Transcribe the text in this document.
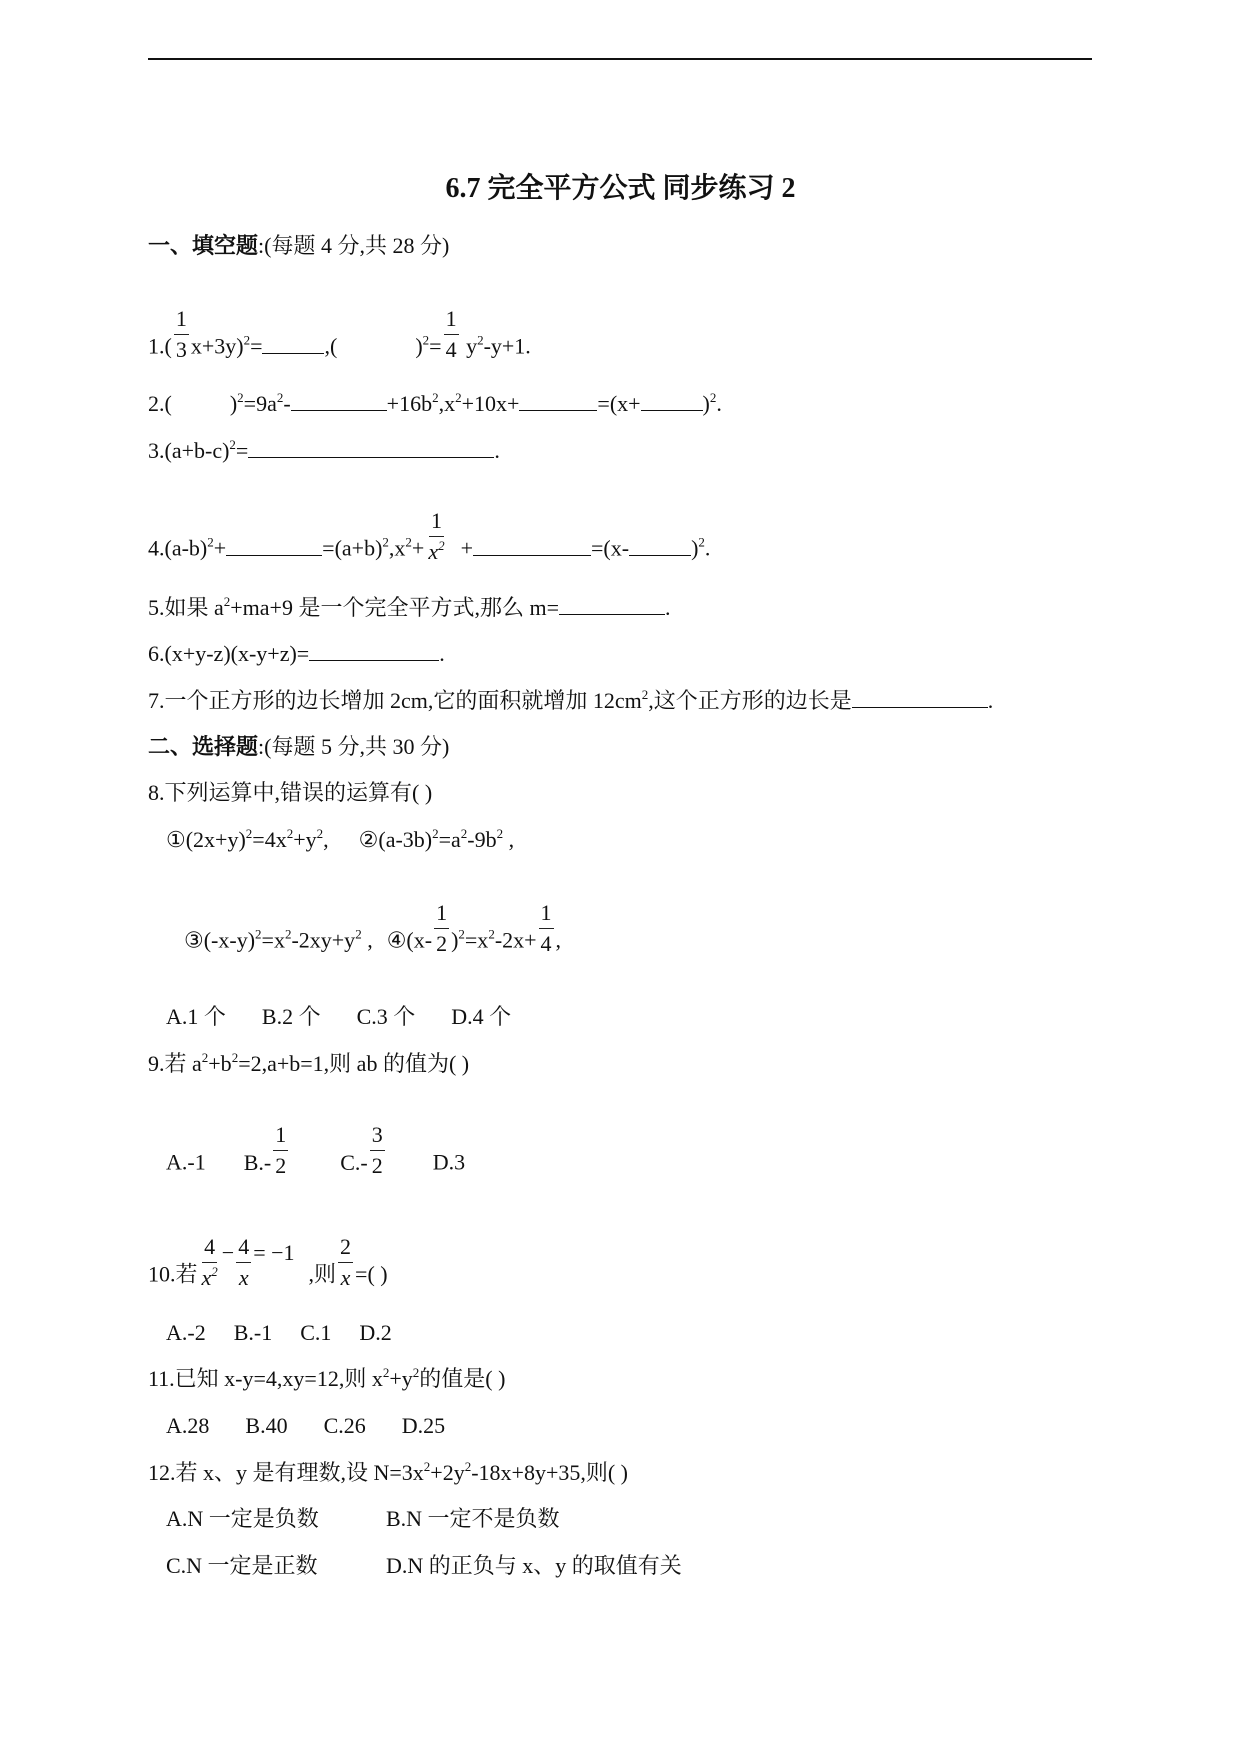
6.7 完全平方公式 同步练习 2
一、填空题:(每题 4 分,共 28 分)
$1.( \frac{1}{3} x+3y)^2=$	,(	)$^2= \frac{1}{4} y^2-y+1$.
2.(	)$^2=9a^2-$	$+16b^2,x^2+10x+$	=(x+	)$^2$.
$3.(a+b-c)^2=$	.
$4.(a-b)^2+$	$=(a+b)^2,x^2+ \frac{1}{x^2}$ +	=(x-	)$^2$.
5.如果 $a^2+ma+9$ 是一个完全平方式,那么 m=	.
6.(x+y-z)(x-y+z)=	.
7.一个正方形的边长增加 2cm,它的面积就增加 $12cm^2$,这个正方形的边长是	.
二、选择题:(每题 5 分,共 30 分)
8.下列运算中,错误的运算有( )
$①(2x+y)^2=4x^2+y^2$, $②(a-3b)^2=a^2-9b^2$ ,
$③(-x-y)^2=x^2-2xy+y^2$ , ④(x- $\frac{1}{2} )^2=x^2-2x+ \frac{1}{4}$ ,
A.1 个 B.2 个 C.3 个 D.4 个
9.若 $a^2+b^2=2,a+b=1$,则 ab 的值为( )
A.-1 $B.- \frac{1}{2} C.- \frac{3}{2} D.3$
10.若 $\frac{4}{x^2} - \frac{4}{x} = -1$,则 $\frac{2}{x}$ =( )
A.-2 B.-1 C.1 D.2
11.已知 x-y=4,xy=12,则 $x^2+y^2$的值是( )
A.28 B.40 C.26 D.25
12.若 x、y 是有理数,设 $N=3x^2+2y^2-18x+8y+35$,则( )
A.N 一定是负数	B.N 一定不是负数
C.N 一定是正数	D.N 的正负与 x、y 的取值有关
